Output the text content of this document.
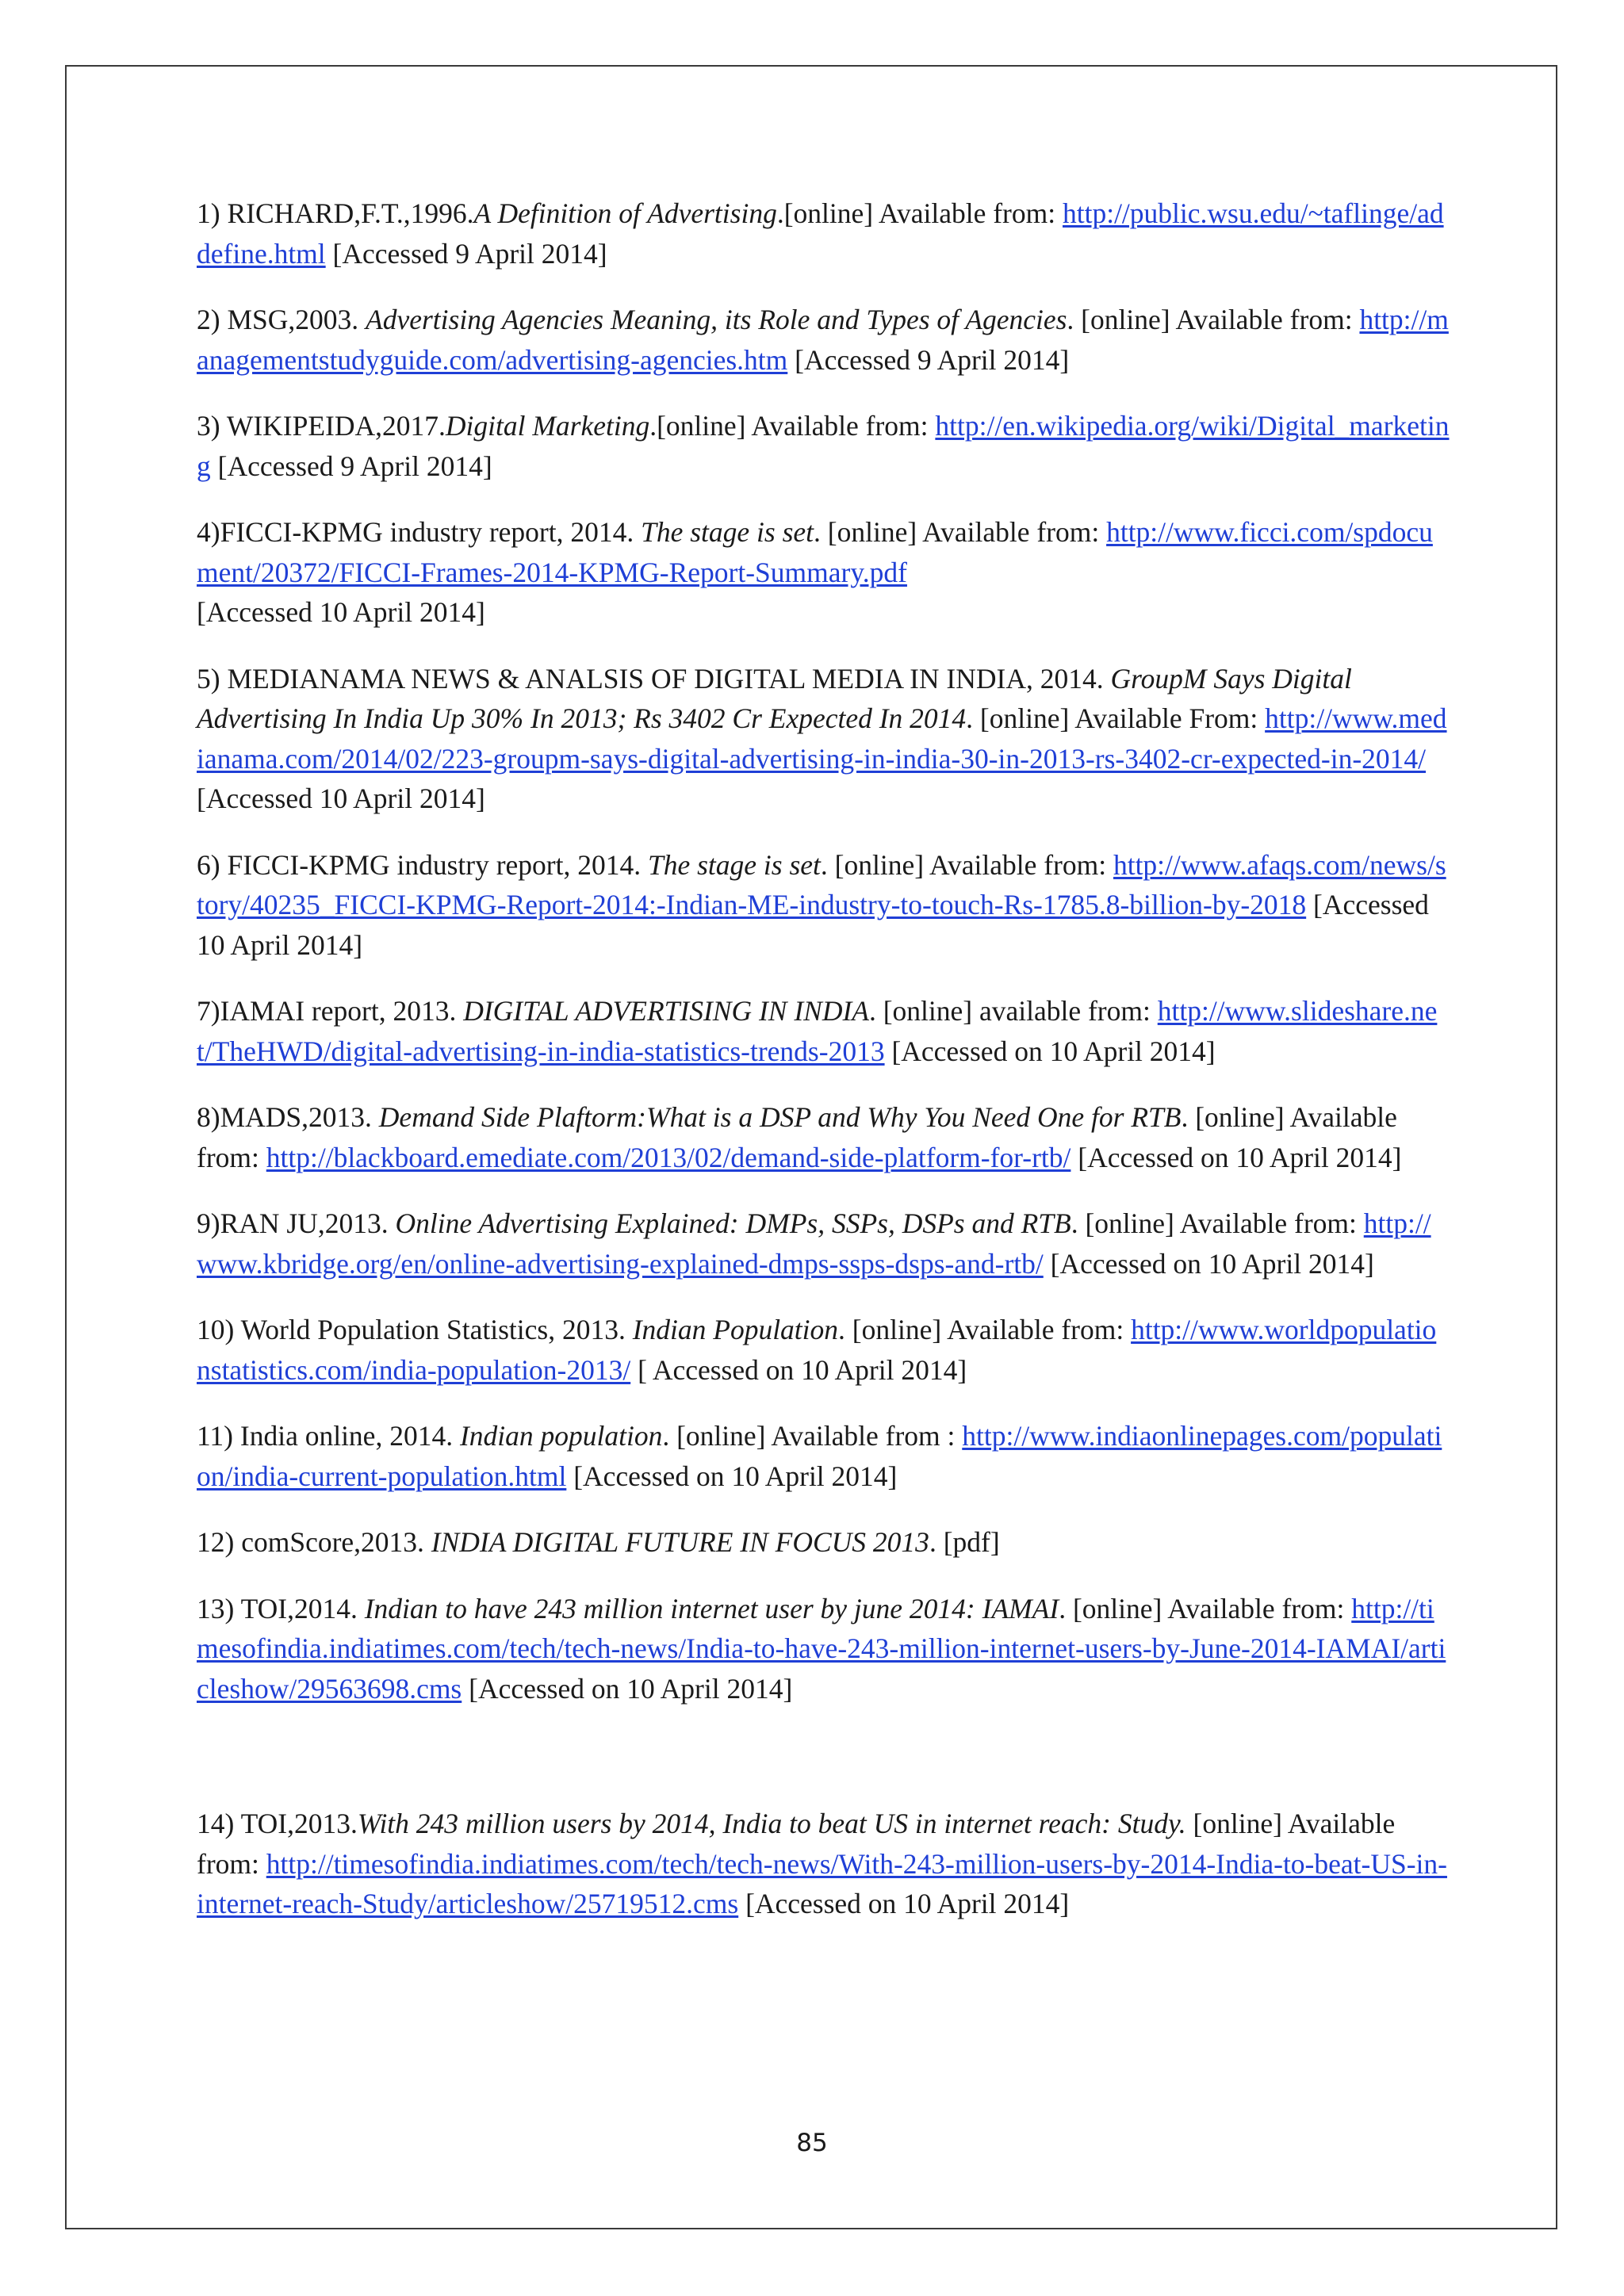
1) RICHARD,F.T.,1996.A Definition of Advertising.[online] Available from: http://public.wsu.edu/~taflinge/addefine.html [Accessed 9 April 2014]

2) MSG,2003. Advertising Agencies Meaning, its Role and Types of Agencies. [online] Available from: http://managementstudyguide.com/advertising-agencies.htm [Accessed 9 April 2014]

3) WIKIPEIDA,2017.Digital Marketing.[online] Available from: http://en.wikipedia.org/wiki/Digital_marketing [Accessed 9 April 2014]

4)FICCI-KPMG industry report, 2014. The stage is set. [online] Available from: http://www.ficci.com/spdocument/20372/FICCI-Frames-2014-KPMG-Report-Summary.pdf
[Accessed 10 April 2014]

5) MEDIANAMA NEWS & ANALSIS OF DIGITAL MEDIA IN INDIA, 2014. GroupM Says Digital Advertising In India Up 30% In 2013; Rs 3402 Cr Expected In 2014. [online] Available From: http://www.medianama.com/2014/02/223-groupm-says-digital-advertising-in-india-30-in-2013-rs-3402-cr-expected-in-2014/ [Accessed 10 April 2014]

6) FICCI-KPMG industry report, 2014. The stage is set. [online] Available from: http://www.afaqs.com/news/story/40235_FICCI-KPMG-Report-2014:-Indian-ME-industry-to-touch-Rs-1785.8-billion-by-2018 [Accessed 10 April 2014]

7)IAMAI report, 2013. DIGITAL ADVERTISING IN INDIA. [online] available from: http://www.slideshare.net/TheHWD/digital-advertising-in-india-statistics-trends-2013 [Accessed on 10 April 2014]

8)MADS,2013. Demand Side Plaftorm:What is a DSP and Why You Need One for RTB. [online] Available from: http://blackboard.emediate.com/2013/02/demand-side-platform-for-rtb/ [Accessed on 10 April 2014]

9)RAN JU,2013. Online Advertising Explained: DMPs, SSPs, DSPs and RTB. [online] Available from: http://www.kbridge.org/en/online-advertising-explained-dmps-ssps-dsps-and-rtb/ [Accessed on 10 April 2014]

10) World Population Statistics, 2013. Indian Population. [online] Available from: http://www.worldpopulationstatistics.com/india-population-2013/ [ Accessed on 10 April 2014]

11) India online, 2014. Indian population. [online] Available from : http://www.indiaonlinepages.com/population/india-current-population.html [Accessed on 10 April 2014]

12) comScore,2013. INDIA DIGITAL FUTURE IN FOCUS 2013. [pdf]

13) TOI,2014. Indian to have 243 million internet user by june 2014: IAMAI. [online] Available from: http://timesofindia.indiatimes.com/tech/tech-news/India-to-have-243-million-internet-users-by-June-2014-IAMAI/articleshow/29563698.cms [Accessed on 10 April 2014]

14) TOI,2013.With 243 million users by 2014, India to beat US in internet reach: Study. [online] Available from: http://timesofindia.indiatimes.com/tech/tech-news/With-243-million-users-by-2014-India-to-beat-US-in-internet-reach-Study/articleshow/25719512.cms [Accessed on 10 April 2014]

85
